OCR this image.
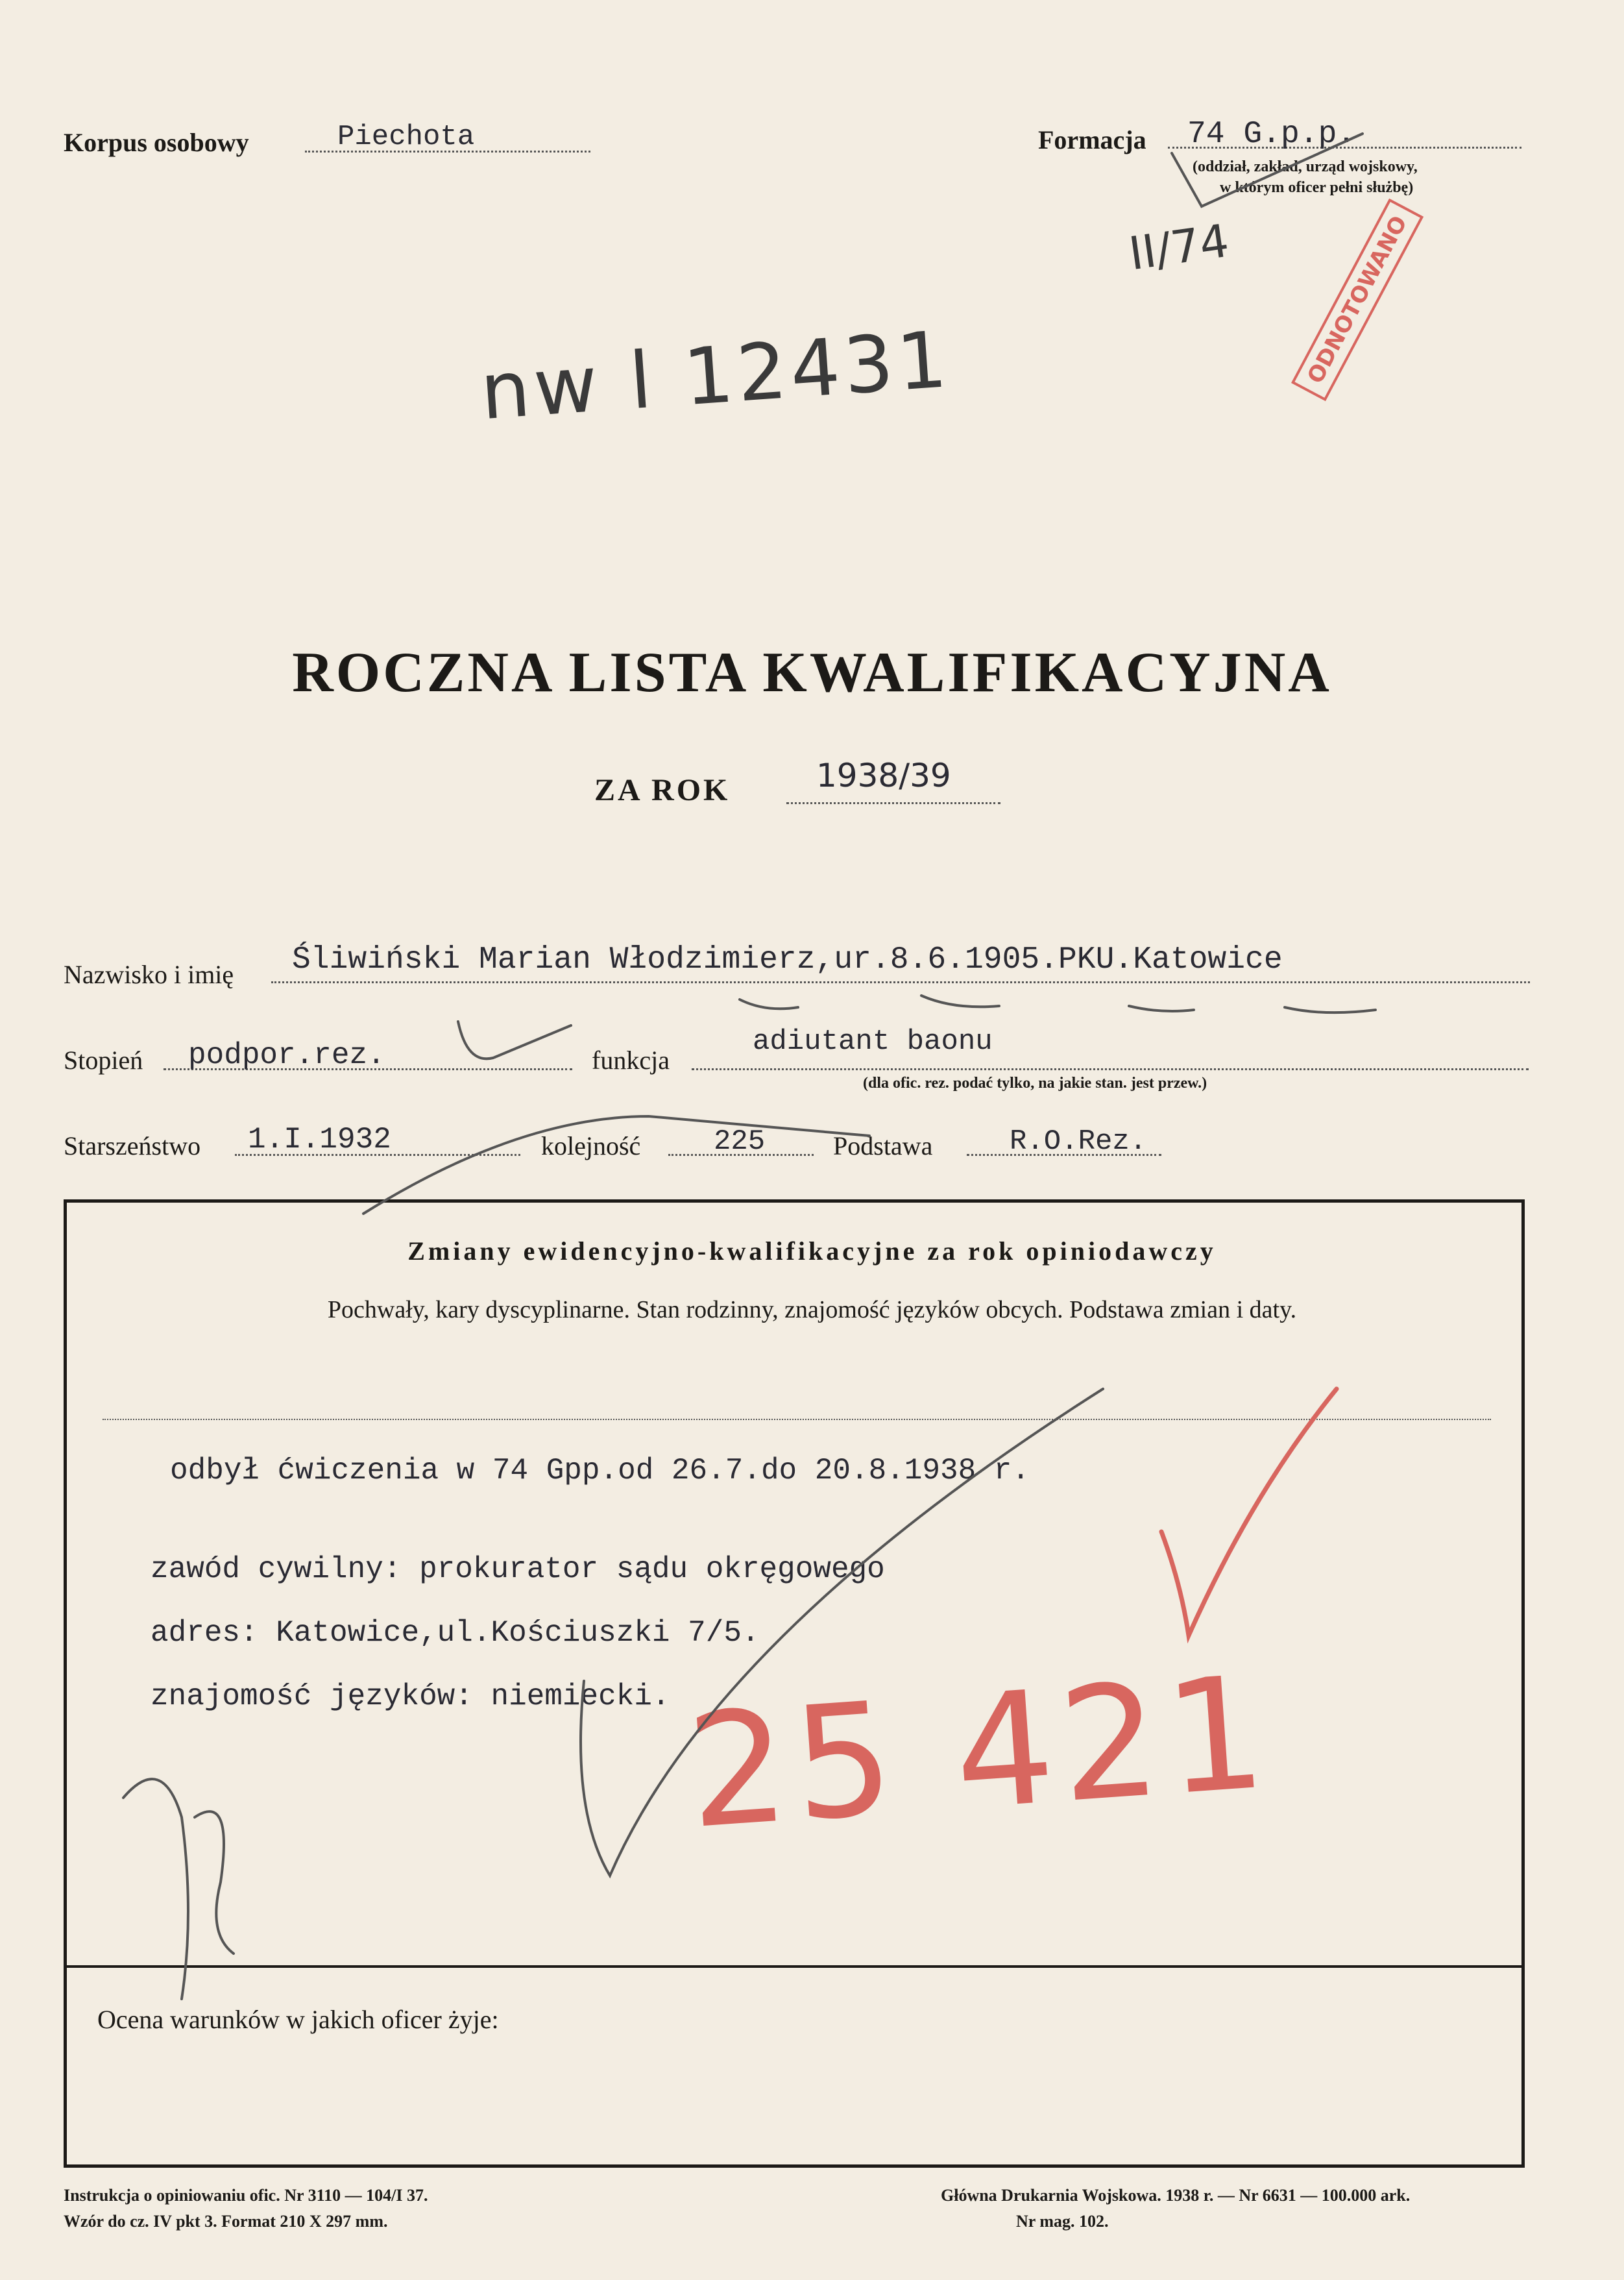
Korpus osobowy	Piechota	Formacja 74 G.p.p.
(oddział, zakład, urząd wojskowy,
w którym oficer pełni służbę)
II/74
nw l 12431	ODNOTOWANO
ROCZNA LISTA KWALIFIKACYJNA
ZA ROK	1938/39
Nazwisko i imię Śliwiński Marian Włodzimierz,ur.8.6.1905.PKU.Katowice
Stopień podpor.rez.	funkcja
adiutant baonu
(dla ofic. rez. podać tylko, na jakie stan. jest przew.)
Starszeństwo 1.I.1932	kolejność	225	Podstawa	R.O.Rez.
Zmiany ewidencyjno-kwalifikacyjne za rok opiniodawczy
Pochwały, kary dyscyplinarne. Stan rodzinny, znajomość języków obcych. Podstawa zmian i daty.
odbył ćwiczenia w 74 Gpp.od 26.7.do 20.8.1938 r.
zawód cywilny: prokurator sądu okręgowego
adres: Katowice,ul.Kościuszki 7/5.
znajomość języków: niemiecki. 25 421
Ocena warunków w jakich oficer żyje:
Instrukcja o opiniowaniu ofic. Nr 3110 — 104/I 37.
Wzór do cz. IV pkt 3. Format 210 X 297 mm.
Główna Drukarnia Wojskowa. 1938 r. — Nr 6631 — 100.000 ark.
Nr mag. 102.
